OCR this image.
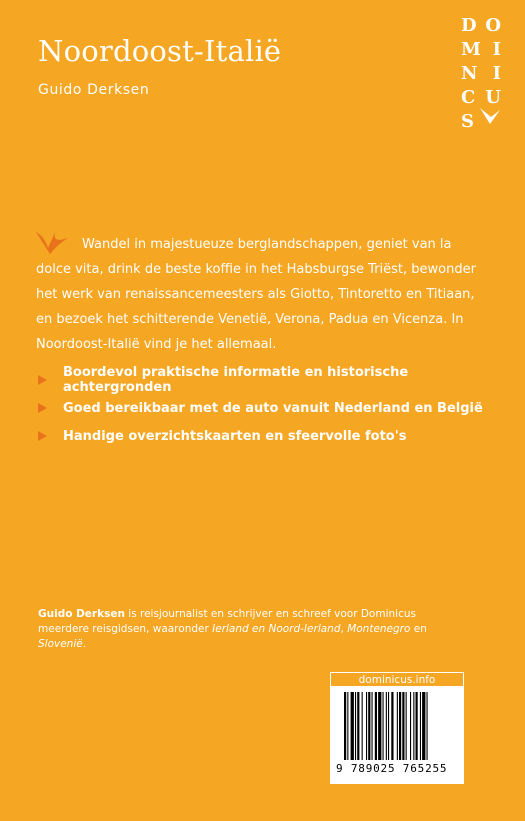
Noordoost-Italië
Guido Derksen
D O
M I
N I
C U
S

Wandel in majestueuze berglandschappen, geniet van la dolce vita, drink de beste koffie in het Habsburgse Triëst, bewonder het werk van renaissancemeesters als Giotto, Tintoretto en Titiaan, en bezoek het schitterende Venetië, Verona, Padua en Vicenza. In Noordoost-Italië vind je het allemaal.

Boordevol praktische informatie en historische achtergronden
Goed bereikbaar met de auto vanuit Nederland en België
Handige overzichtskaarten en sfeervolle foto's
Guido Derksen is reisjournalist en schrijver en schreef voor Dominicus meerdere reisgidsen, waaronder Ierland en Noord-Ierland, Montenegro en Slovenië.
dominicus.info
9 789025 765255
